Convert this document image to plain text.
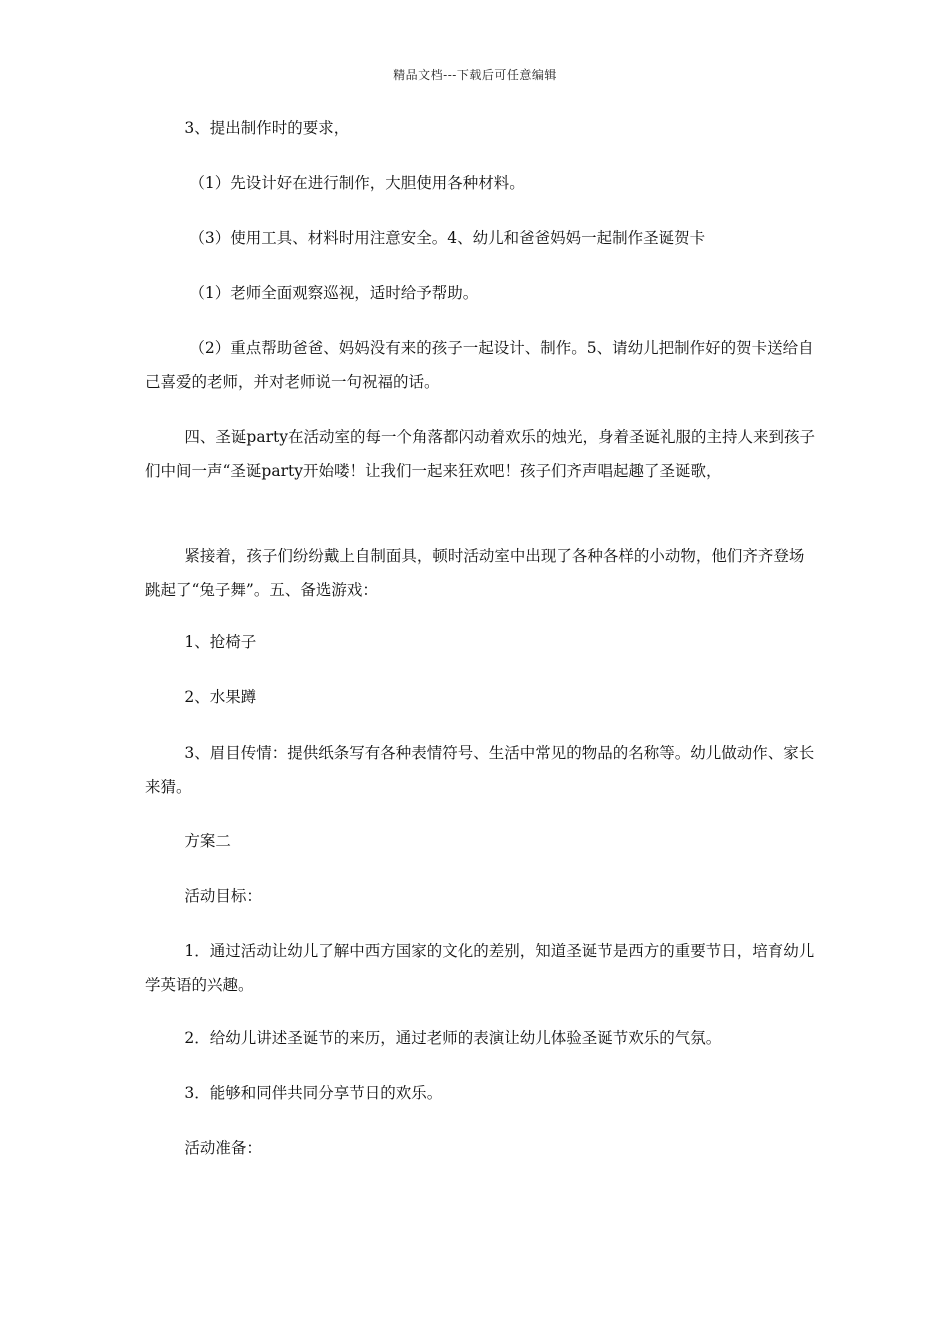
精品文档---下载后可任意编辑
3、提出制作时的要求，
（1）先设计好在进行制作，大胆使用各种材料。
（3）使用工具、材料时用注意安全。4、幼儿和爸爸妈妈一起制作圣诞贺卡
（1）老师全面观察巡视，适时给予帮助。
（2）重点帮助爸爸、妈妈没有来的孩子一起设计、制作。5、请幼儿把制作好的贺卡送给自己喜爱的老师，并对老师说一句祝福的话。
四、圣诞party在活动室的每一个角落都闪动着欢乐的烛光，身着圣诞礼服的主持人来到孩子们中间一声“圣诞party开始喽！让我们一起来狂欢吧！孩子们齐声唱起趣了圣诞歌，
紧接着，孩子们纷纷戴上自制面具，顿时活动室中出现了各种各样的小动物，他们齐齐登场跳起了“兔子舞”。五、备选游戏：
1、抢椅子
2、水果蹲
3、眉目传情：提供纸条写有各种表情符号、生活中常见的物品的名称等。幼儿做动作、家长来猜。
方案二
活动目标：
1．通过活动让幼儿了解中西方国家的文化的差别，知道圣诞节是西方的重要节日，培育幼儿学英语的兴趣。
2．给幼儿讲述圣诞节的来历，通过老师的表演让幼儿体验圣诞节欢乐的气氛。
3．能够和同伴共同分享节日的欢乐。
活动准备：
